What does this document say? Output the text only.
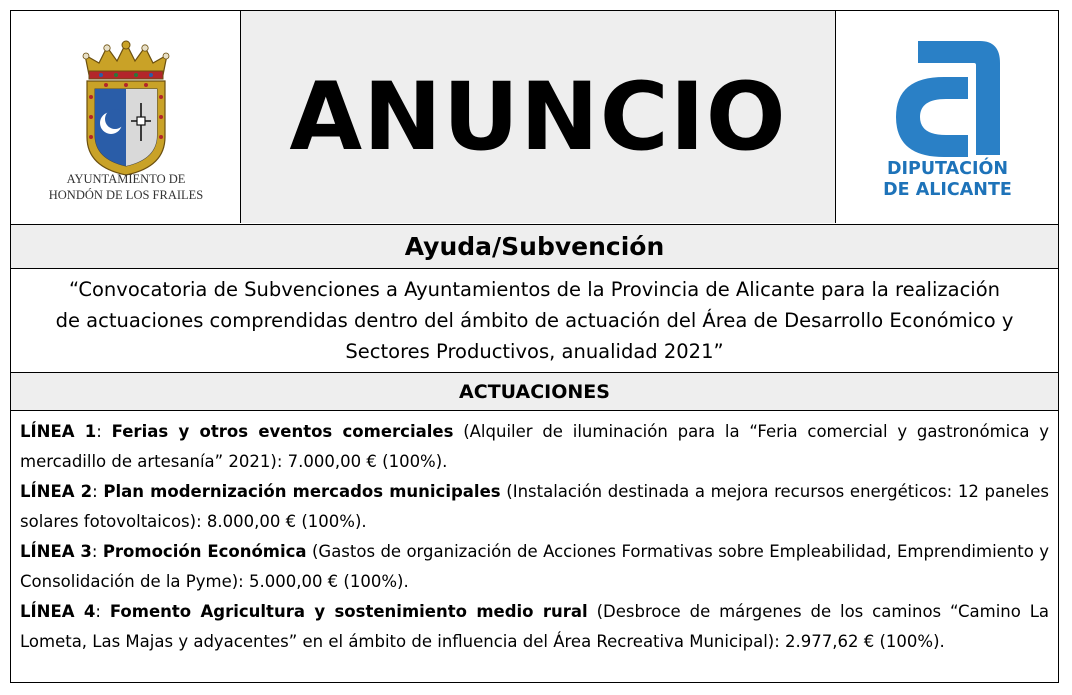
AYUNTAMIENTO DE
HONDÓN DE LOS FRAILES
ANUNCIO	DIPUTACIÓN
DE ALICANTE
Ayuda/Subvención
“Convocatoria de Subvenciones a Ayuntamientos de la Provincia de Alicante para la realización de actuaciones comprendidas dentro del ámbito de actuación del Área de Desarrollo Económico y Sectores Productivos, anualidad 2021”
ACTUACIONES

LÍNEA 1: Ferias y otros eventos comerciales (Alquiler de iluminación para la “Feria comercial y gastronómica y mercadillo de artesanía” 2021): 7.000,00 € (100%).

LÍNEA 2: Plan modernización mercados municipales (Instalación destinada a mejora recursos energéticos: 12 paneles solares fotovoltaicos): 8.000,00 € (100%).

LÍNEA 3: Promoción Económica (Gastos de organización de Acciones Formativas sobre Empleabilidad, Emprendimiento y Consolidación de la Pyme): 5.000,00 € (100%).

LÍNEA 4: Fomento Agricultura y sostenimiento medio rural (Desbroce de márgenes de los caminos “Camino La Lometa, Las Majas y adyacentes” en el ámbito de influencia del Área Recreativa Municipal): 2.977,62 € (100%).
